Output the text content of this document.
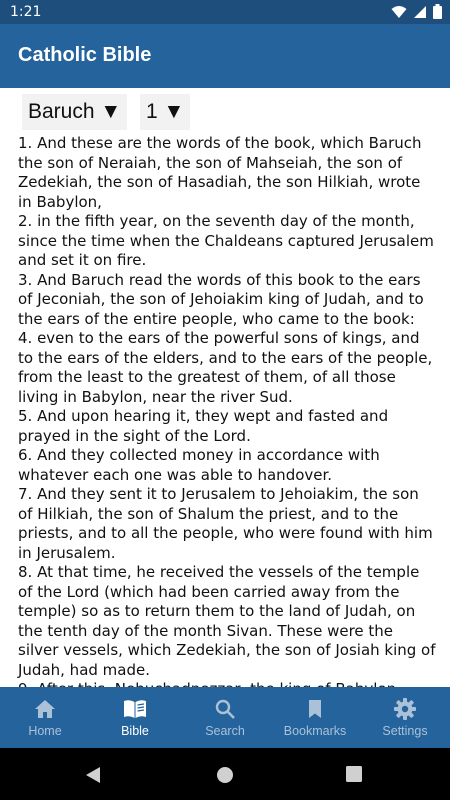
1:21
Catholic Bible
Baruch ▼ 1 ▼

1. And these are the words of the book, which Baruch the son of Neraiah, the son of Mahseiah, the son of Zedekiah, the son of Hasadiah, the son Hilkiah, wrote in Babylon,

2. in the fifth year, on the seventh day of the month, since the time when the Chaldeans captured Jerusalem and set it on fire.

3. And Baruch read the words of this book to the ears of Jeconiah, the son of Jehoiakim king of Judah, and to the ears of the entire people, who came to the book:

4. even to the ears of the powerful sons of kings, and to the ears of the elders, and to the ears of the people, from the least to the greatest of them, of all those living in Babylon, near the river Sud.

5. And upon hearing it, they wept and fasted and prayed in the sight of the Lord.

6. And they collected money in accordance with whatever each one was able to handover.

7. And they sent it to Jerusalem to Jehoiakim, the son of Hilkiah, the son of Shalum the priest, and to the priests, and to all the people, who were found with him in Jerusalem.

8. At that time, he received the vessels of the temple of the Lord (which had been carried away from the temple) so as to return them to the land of Judah, on the tenth day of the month Sivan. These were the silver vessels, which Zedekiah, the son of Josiah king of Judah, had made.

Home	Bible	Search	Bookmarks	Settings
